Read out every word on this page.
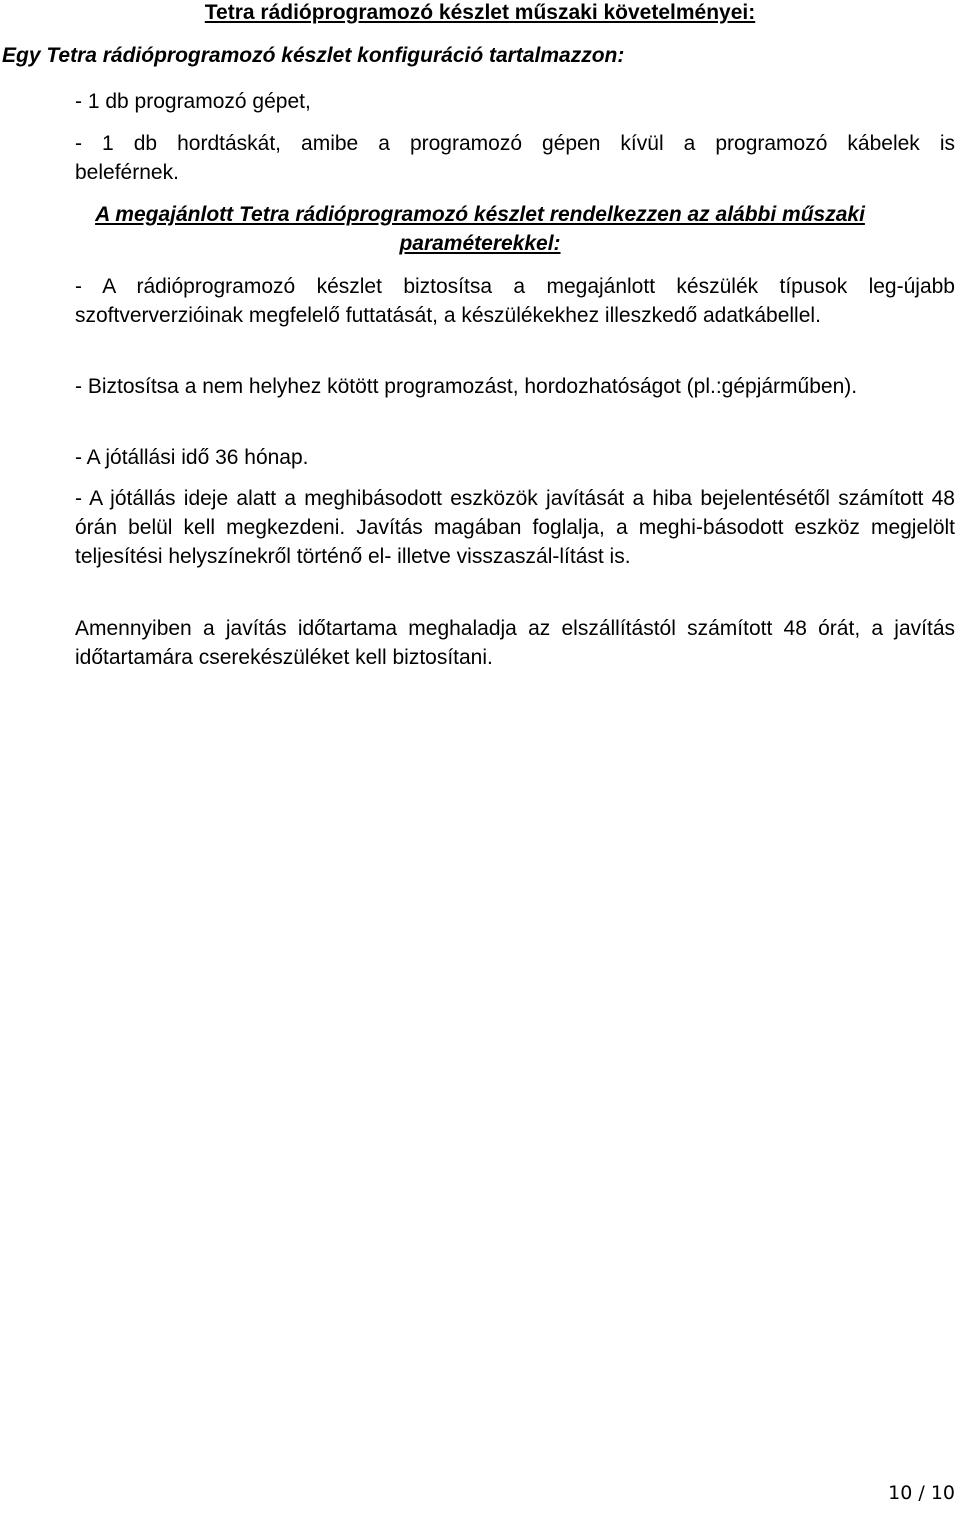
Tetra rádióprogramozó készlet műszaki követelményei:
Egy Tetra rádióprogramozó készlet konfiguráció tartalmazzon:
- 1 db programozó gépet,
- 1 db hordtáskát, amibe a programozó gépen kívül a programozó kábelek is
beleférnek.
A megajánlott Tetra rádióprogramozó készlet rendelkezzen az alábbi műszaki
paraméterekkel:
- A rádióprogramozó készlet biztosítsa a megajánlott készülék típusok leg-újabb szoftververzióinak megfelelő futtatását, a készülékekhez illeszkedő adatkábellel.
- Biztosítsa a nem helyhez kötött programozást, hordozhatóságot (pl.:gépjárműben).
- A jótállási idő 36 hónap.
- A jótállás ideje alatt a meghibásodott eszközök javítását a hiba bejelentésétől számított 48 órán belül kell megkezdeni. Javítás magában foglalja, a meghi-básodott eszköz megjelölt teljesítési helyszínekről történő el- illetve visszaszál-lítást is.
Amennyiben a javítás időtartama meghaladja az elszállítástól számított 48 órát, a javítás időtartamára cserekészüléket kell biztosítani.
10 / 10
